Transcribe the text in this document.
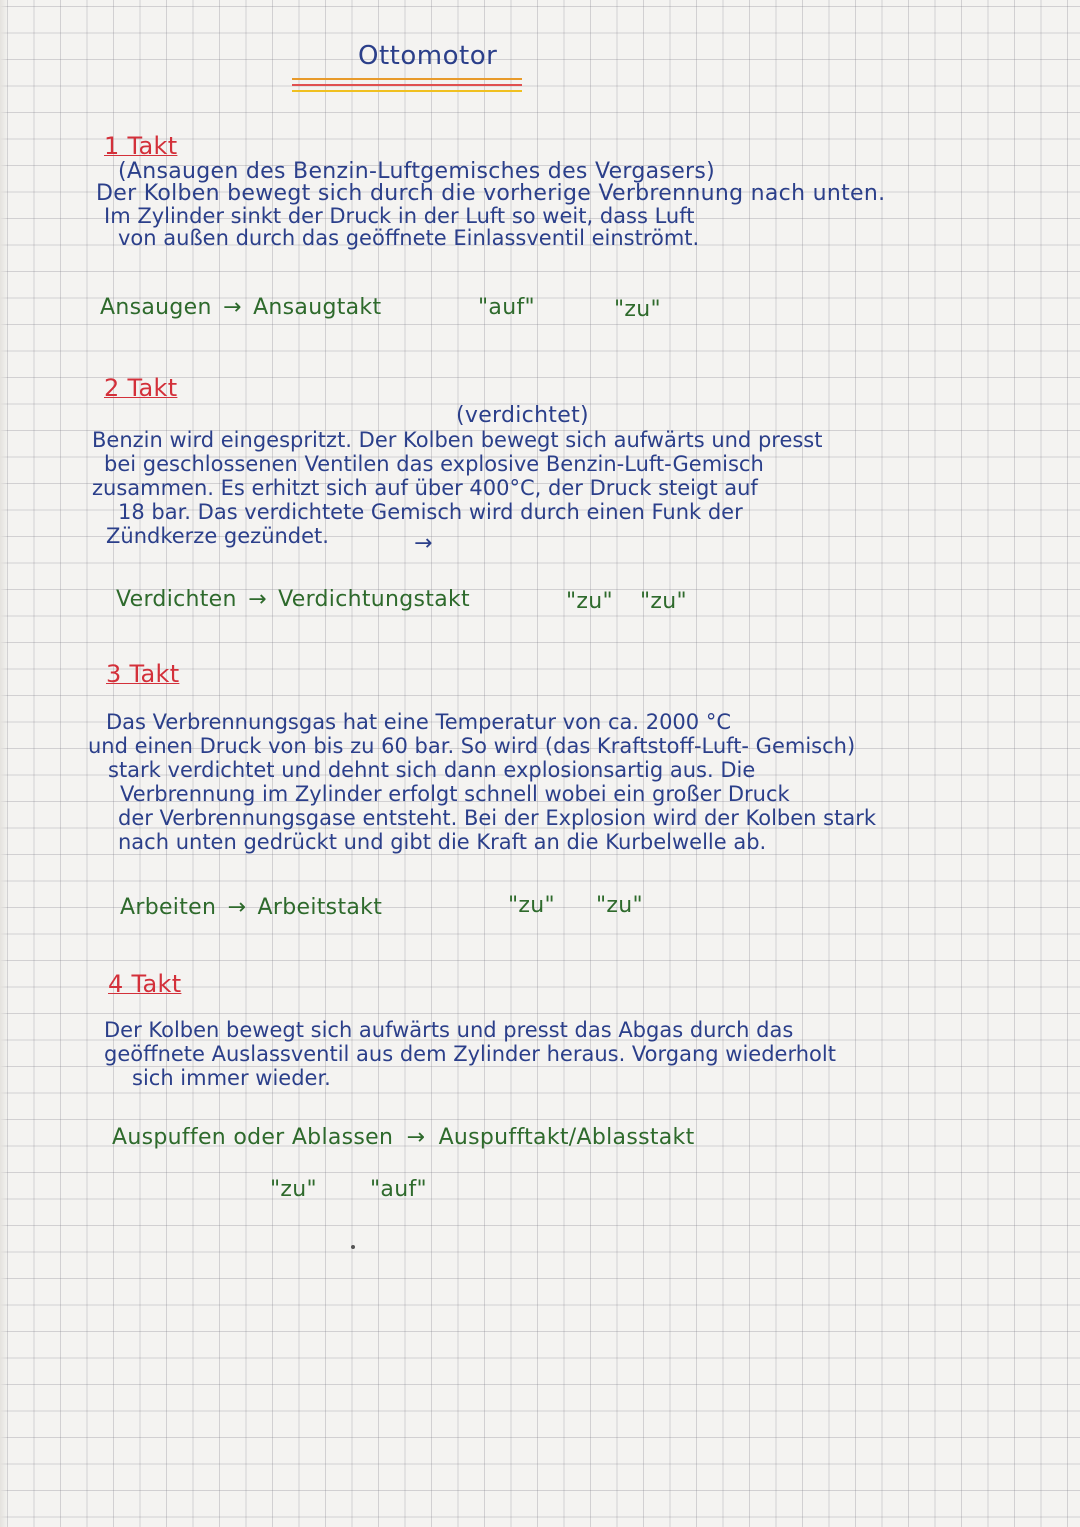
Ottomotor
1 Takt
(Ansaugen des Benzin-Luftgemisches des Vergasers)
Der Kolben bewegt sich durch die vorherige Verbrennung nach unten.
Im Zylinder sinkt der Druck in der Luft so weit, dass Luft
von außen durch das geöffnete Einlassventil einströmt.
Ansaugen → Ansaugtakt	"auf"	"zu"
2 Takt
(verdichtet)
Benzin wird eingespritzt. Der Kolben bewegt sich aufwärts und presst
bei geschlossenen Ventilen das explosive Benzin-Luft-Gemisch
zusammen. Es erhitzt sich auf über 400°C, der Druck steigt auf
18 bar. Das verdichtete Gemisch wird durch einen Funk der
Zündkerze gezündet.	→
Verdichten → Verdichtungstakt	"zu" "zu"
3 Takt
Das Verbrennungsgas hat eine Temperatur von ca. 2000 °C
und einen Druck von bis zu 60 bar. So wird (das Kraftstoff-Luft- Gemisch)
stark verdichtet und dehnt sich dann explosionsartig aus. Die
Verbrennung im Zylinder erfolgt schnell wobei ein großer Druck
der Verbrennungsgase entsteht. Bei der Explosion wird der Kolben stark
nach unten gedrückt und gibt die Kraft an die Kurbelwelle ab.
Arbeiten → Arbeitstakt	"zu" "zu"
4 Takt
Der Kolben bewegt sich aufwärts und presst das Abgas durch das
geöffnete Auslassventil aus dem Zylinder heraus. Vorgang wiederholt
sich immer wieder.
Auspuffen oder Ablassen → Auspufftakt/Ablasstakt
"zu" "auf"
